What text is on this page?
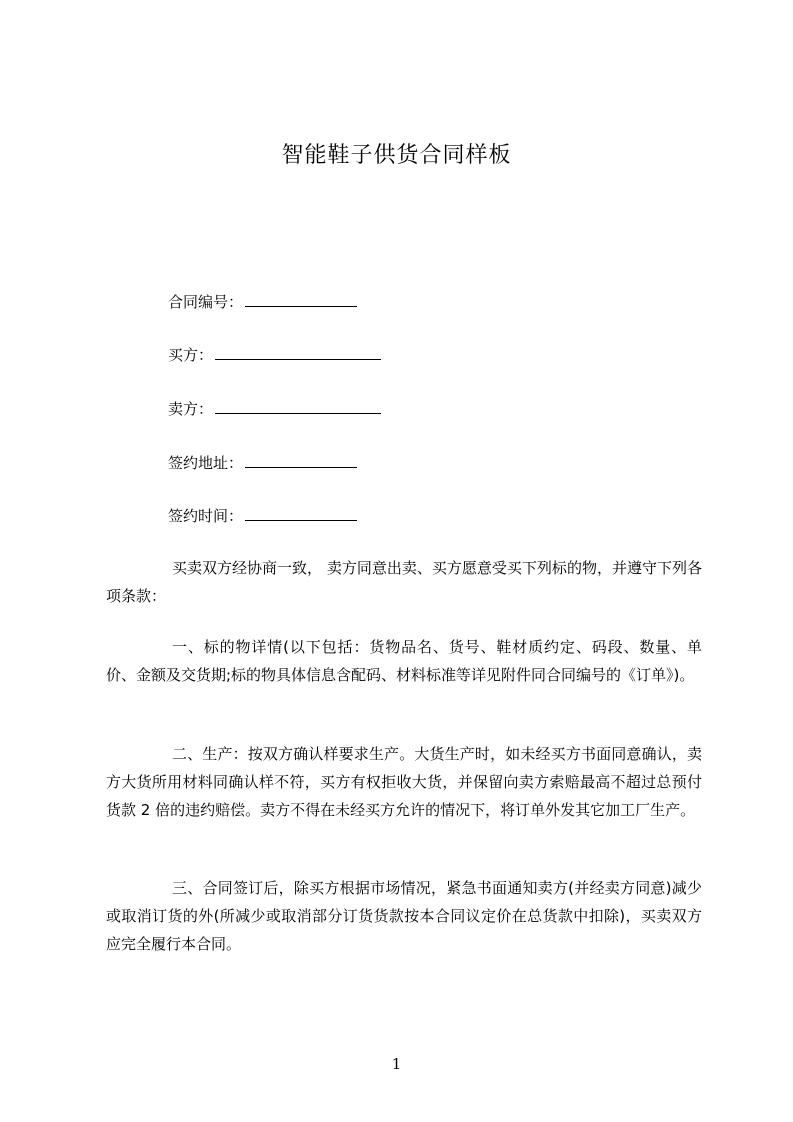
智能鞋子供货合同样板
合同编号：
买方：
卖方：
签约地址：
签约时间：

买卖双方经协商一致， 卖方同意出卖、买方愿意受买下列标的物，并遵守下列各项条款：

一、标的物详情(以下包括：货物品名、货号、鞋材质约定、码段、数量、单价、金额及交货期;标的物具体信息含配码、材料标准等详见附件同合同编号的《订单》)。

二、生产：按双方确认样要求生产。大货生产时，如未经买方书面同意确认，卖方大货所用材料同确认样不符，买方有权拒收大货，并保留向卖方索赔最高不超过总预付货款 2 倍的违约赔偿。卖方不得在未经买方允许的情况下，将订单外发其它加工厂生产。

三、合同签订后，除买方根据市场情况，紧急书面通知卖方(并经卖方同意)减少或取消订货的外(所减少或取消部分订货货款按本合同议定价在总货款中扣除)，买卖双方应完全履行本合同。

1
